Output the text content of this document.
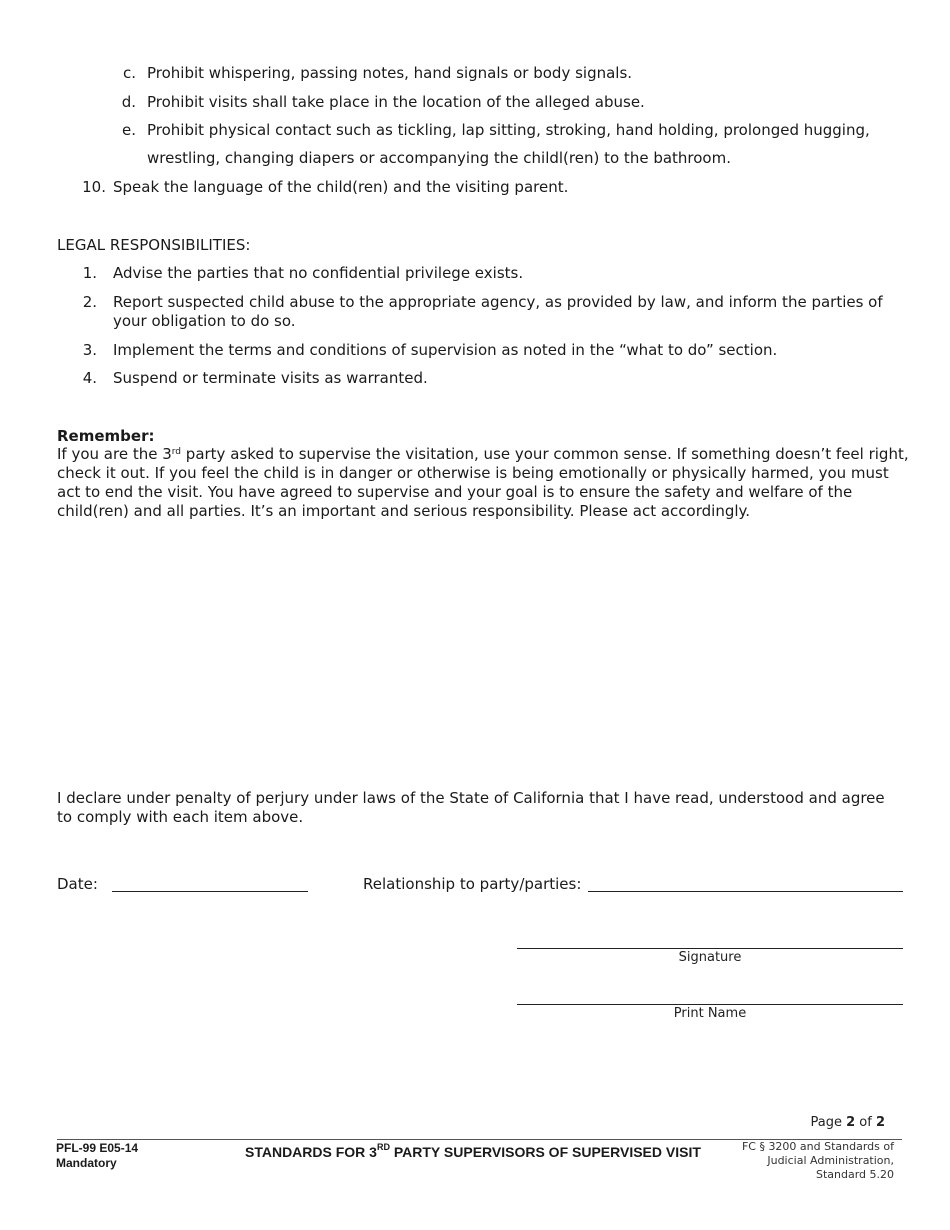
c. Prohibit whispering, passing notes, hand signals or body signals.
d. Prohibit visits shall take place in the location of the alleged abuse.
e. Prohibit physical contact such as tickling, lap sitting, stroking, hand holding, prolonged hugging,
wrestling, changing diapers or accompanying the childl(ren) to the bathroom.
10. Speak the language of the child(ren) and the visiting parent.
LEGAL RESPONSIBILITIES:
1. Advise the parties that no confidential privilege exists.
2. Report suspected child abuse to the appropriate agency, as provided by law, and inform the parties of
your obligation to do so.
3. Implement the terms and conditions of supervision as noted in the “what to do” section.
4. Suspend or terminate visits as warranted.
Remember:
If you are the 3rd party asked to supervise the visitation, use your common sense. If something doesn’t feel right,
check it out. If you feel the child is in danger or otherwise is being emotionally or physically harmed, you must
act to end the visit. You have agreed to supervise and your goal is to ensure the safety and welfare of the
child(ren) and all parties. It’s an important and serious responsibility. Please act accordingly.
I declare under penalty of perjury under laws of the State of California that I have read, understood and agree
to comply with each item above.
Date:	Relationship to party/parties:
Signature
Print Name
Page 2 of 2
PFL-99 E05-14
Mandatory
STANDARDS FOR 3RD PARTY SUPERVISORS OF SUPERVISED VISIT	FC § 3200 and Standards of
Judicial Administration,
Standard 5.20
